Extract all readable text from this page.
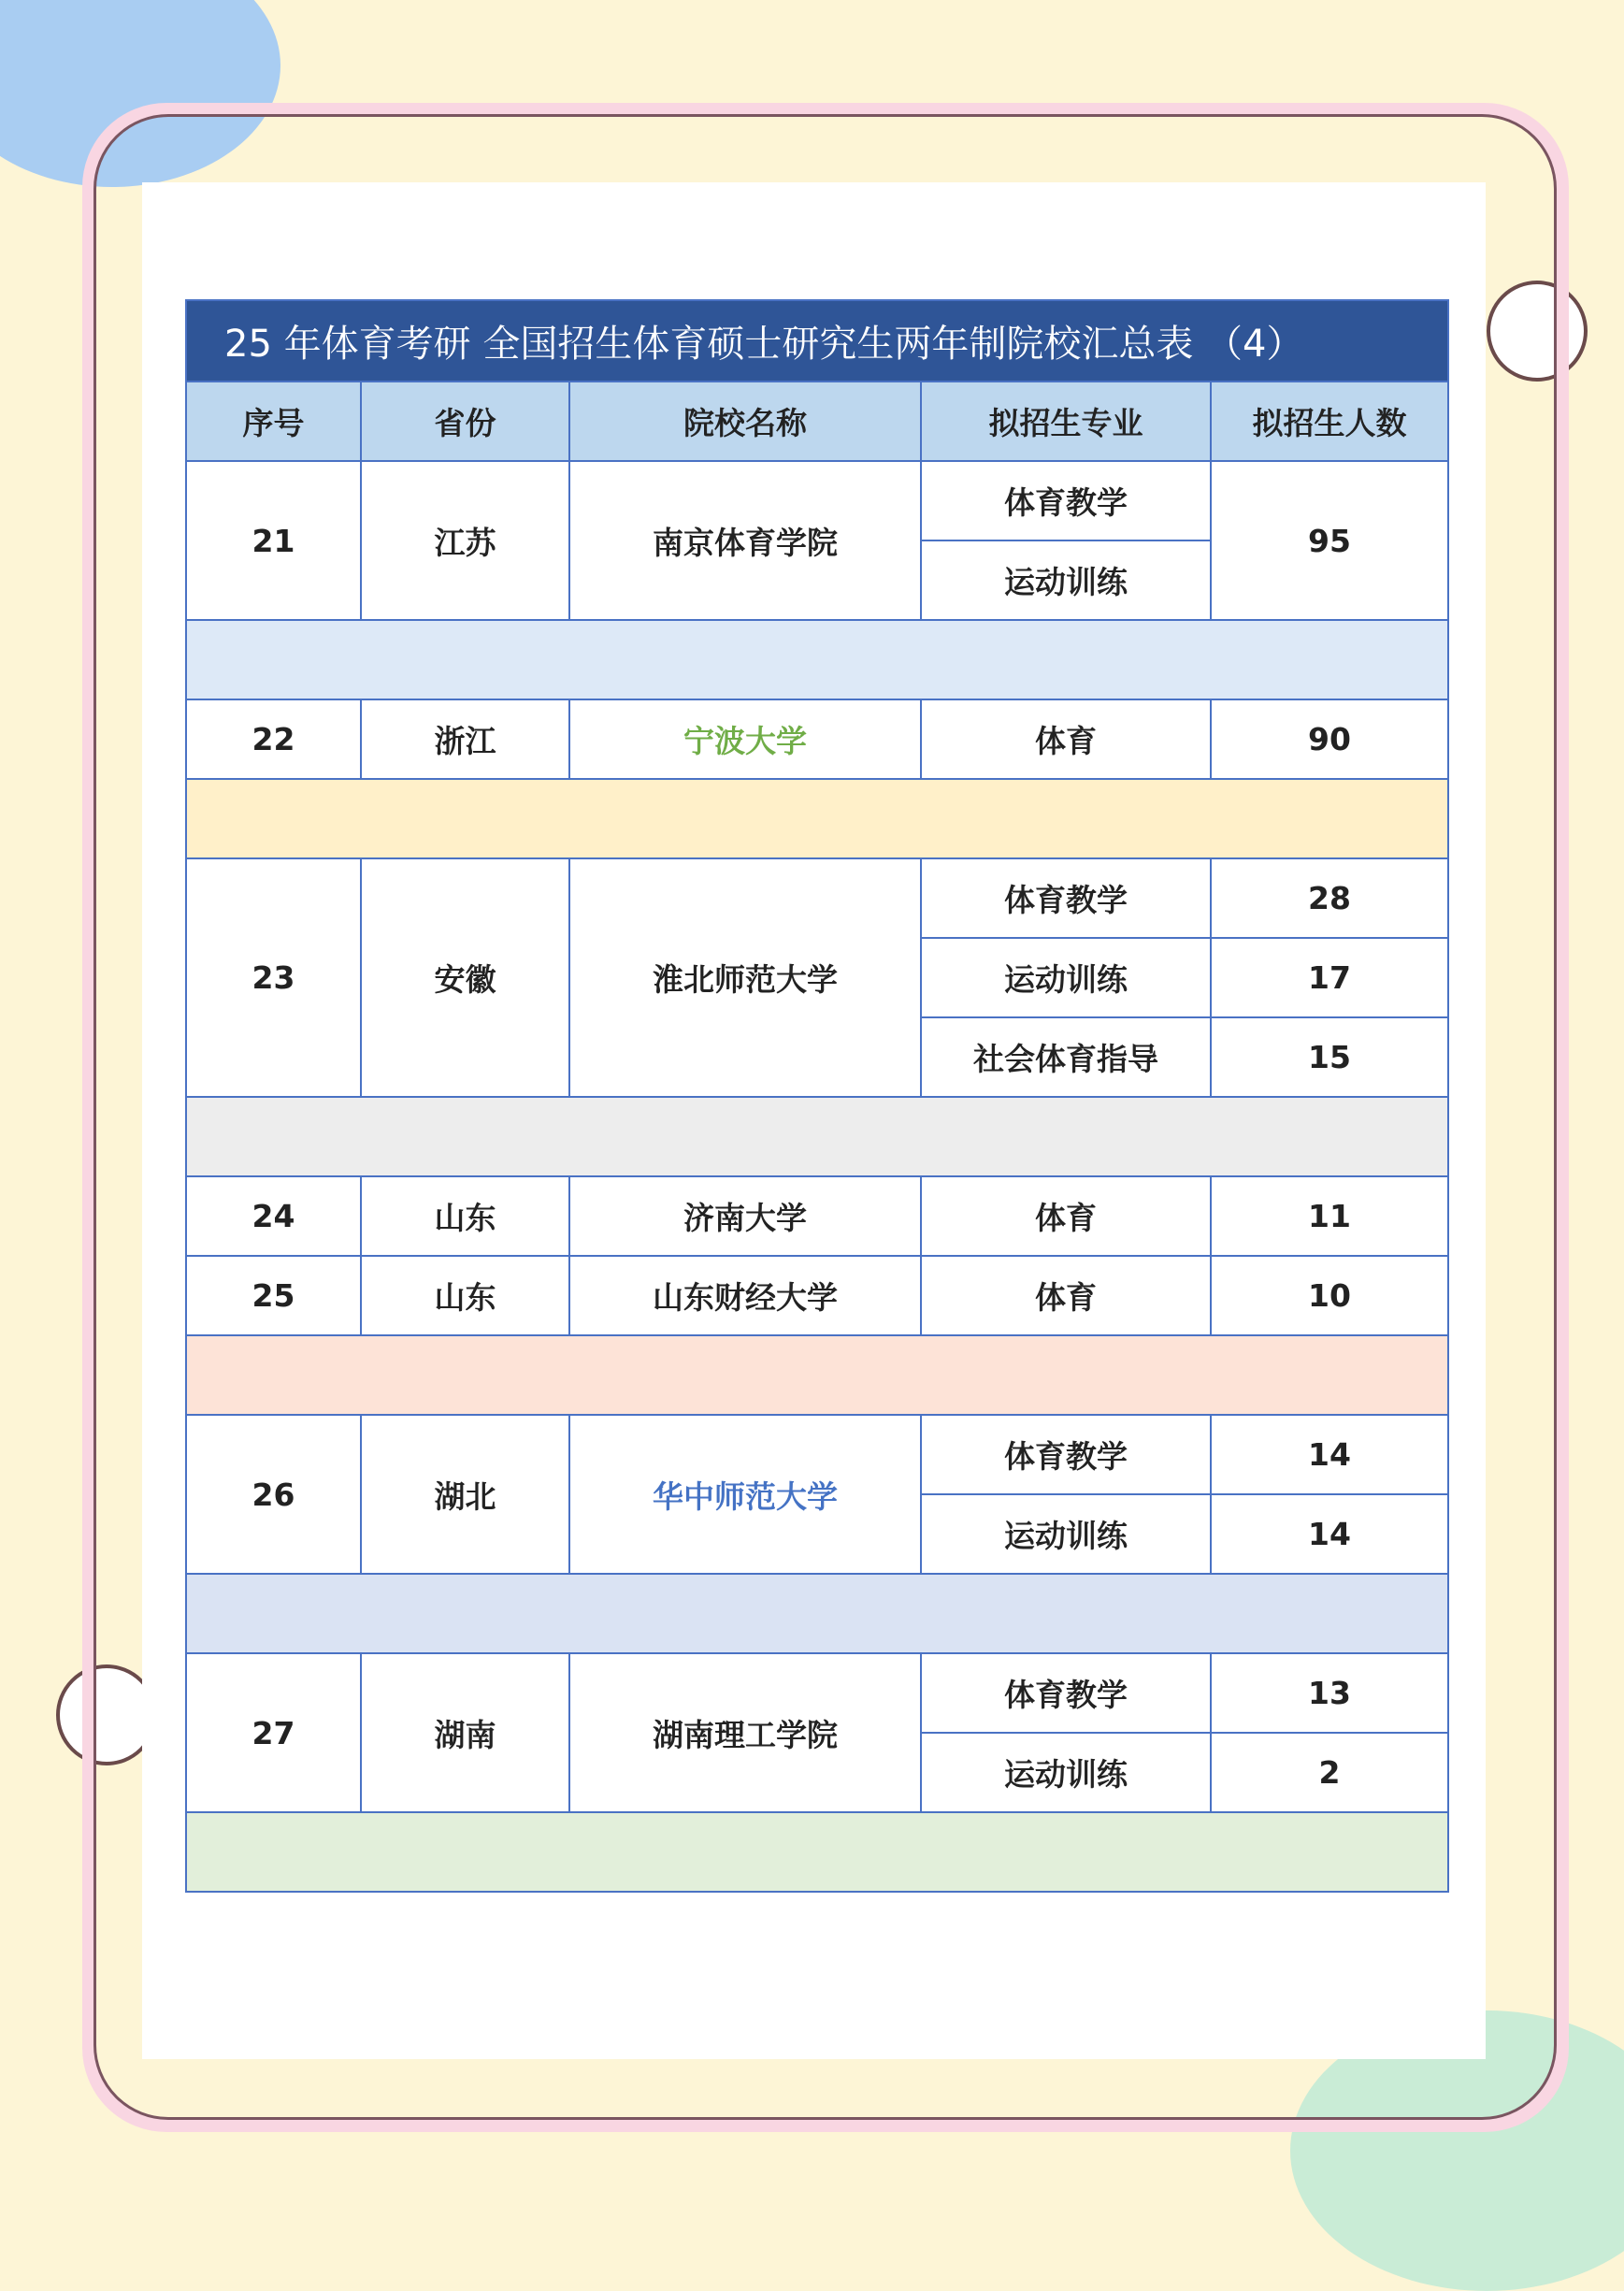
25 年体育考研 全国招生体育硕士研究生两年制院校汇总表 （4）				
序号	省份	院校名称	拟招生专业	拟招生人数
21	江苏	南京体育学院	体育教学	95
			运动训练	

22	浙江	宁波大学	体育	90

23	安徽	淮北师范大学	体育教学	28
			运动训练	17
			社会体育指导	15

24	山东	济南大学	体育	11
25	山东	山东财经大学	体育	10

26	湖北	华中师范大学	体育教学	14
			运动训练	14

27	湖南	湖南理工学院	体育教学	13
			运动训练	2
